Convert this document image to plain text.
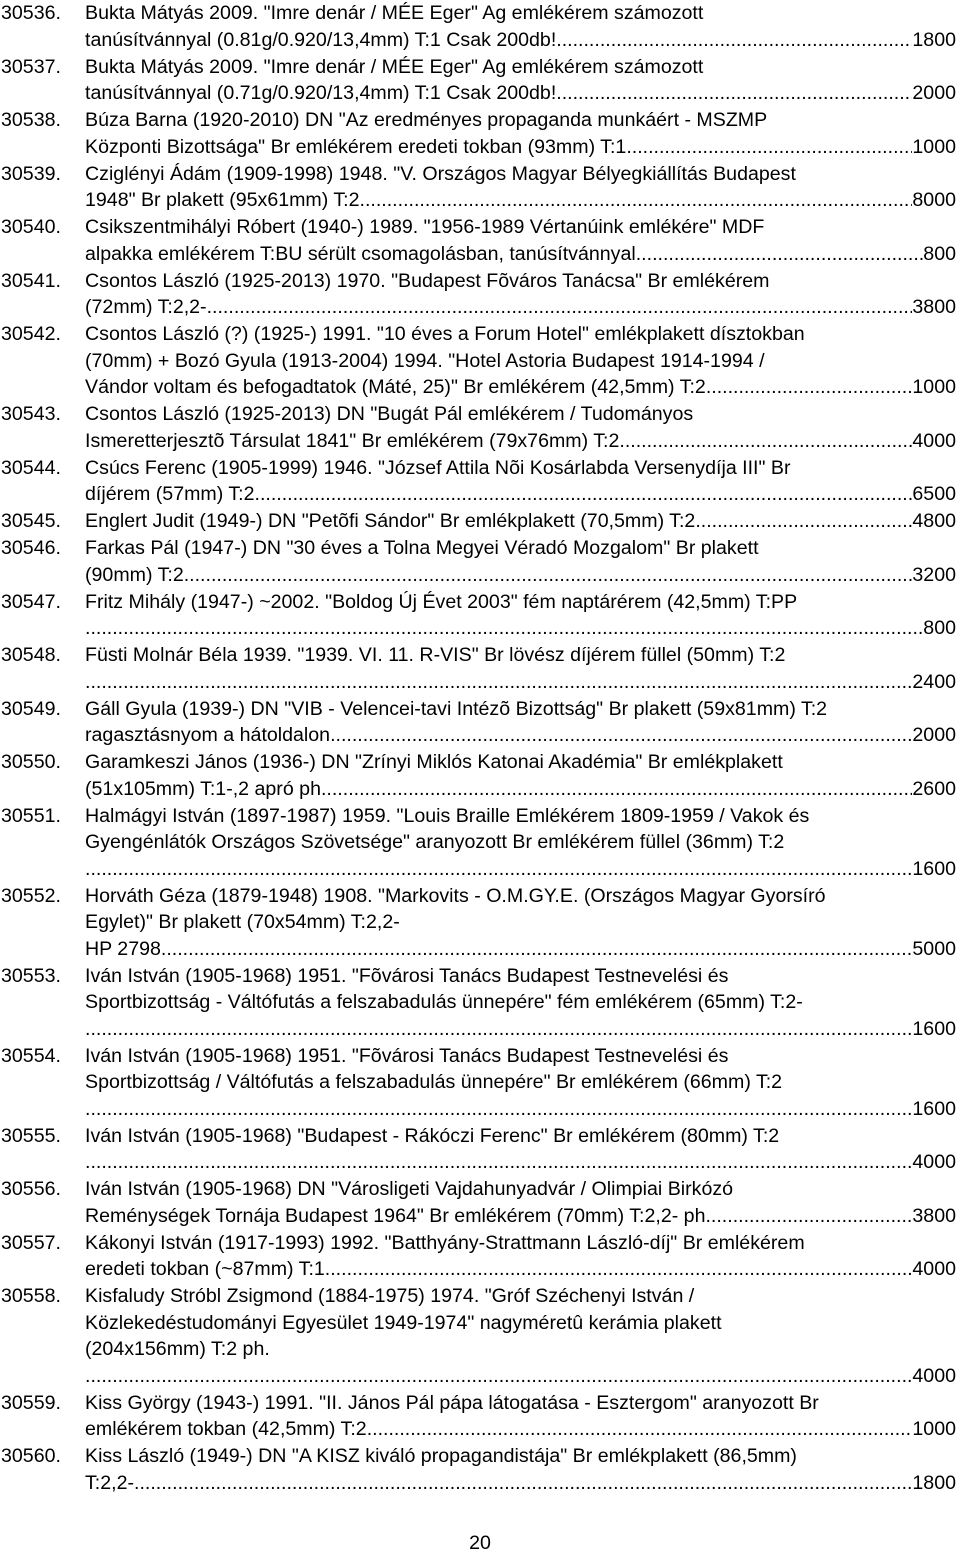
30536. Bukta Mátyás 2009. "Imre denár / MÉE Eger" Ag emlékérem számozott
tanúsítvánnyal (0.81g/0.920/13,4mm) T:1 Csak 200db! .....	1800
30537. Bukta Mátyás 2009. "Imre denár / MÉE Eger" Ag emlékérem számozott
tanúsítvánnyal (0.71g/0.920/13,4mm) T:1 Csak 200db! .....	2000
30538. Búza Barna (1920-2010) DN "Az eredményes propaganda munkáért - MSZMP
Központi Bizottsága" Br emlékérem eredeti tokban (93mm) T:1 .....	1000
30539. Cziglényi Ádám (1909-1998) 1948. "V. Országos Magyar Bélyegkiállítás Budapest
1948" Br plakett (95x61mm) T:2 .....	8000
30540. Csikszentmihályi Róbert (1940-) 1989. "1956-1989 Vértanúink emlékére" MDF
alpakka emlékérem T:BU sérült csomagolásban, tanúsítvánnyal .....	800
30541. Csontos László (1925-2013) 1970. "Budapest Fõváros Tanácsa" Br emlékérem
(72mm) T:2,2- .....	3800
30542. Csontos László (?) (1925-) 1991. "10 éves a Forum Hotel" emlékplakett dísztokban
(70mm) + Bozó Gyula (1913-2004) 1994. "Hotel Astoria Budapest 1914-1994 /
Vándor voltam és befogadtatok (Máté, 25)" Br emlékérem (42,5mm) T:2 .....	1000
30543. Csontos László (1925-2013) DN "Bugát Pál emlékérem / Tudományos
Ismeretterjesztõ Társulat 1841" Br emlékérem (79x76mm) T:2 .....	4000
30544. Csúcs Ferenc (1905-1999) 1946. "József Attila Nõi Kosárlabda Versenydíja III" Br
díjérem (57mm) T:2 .....	6500
30545. Englert Judit (1949-) DN "Petõfi Sándor" Br emlékplakett (70,5mm) T:2 .....	4800
30546. Farkas Pál (1947-) DN "30 éves a Tolna Megyei Véradó Mozgalom" Br plakett
(90mm) T:2 .....	3200
30547. Fritz Mihály (1947-) ~2002. "Boldog Új Évet 2003" fém naptárérem (42,5mm) T:PP
.....
800
30548. Füsti Molnár Béla 1939. "1939. VI. 11. R-VIS" Br lövész díjérem füllel (50mm) T:2
.....
2400
30549. Gáll Gyula (1939-) DN "VIB - Velencei-tavi Intézõ Bizottság" Br plakett (59x81mm) T:2
ragasztásnyom a hátoldalon .....	2000
30550. Garamkeszi János (1936-) DN "Zrínyi Miklós Katonai Akadémia" Br emlékplakett
(51x105mm) T:1-,2 apró ph. .....	2600
30551. Halmágyi István (1897-1987) 1959. "Louis Braille Emlékérem 1809-1959 / Vakok és
Gyengénlátók Országos Szövetsége" aranyozott Br emlékérem füllel (36mm) T:2
.....
1600
30552. Horváth Géza (1879-1948) 1908. "Markovits - O.M.GY.E. (Országos Magyar Gyorsíró
Egylet)" Br plakett (70x54mm) T:2,2-
HP 2798. .....	5000
30553. Iván István (1905-1968) 1951. "Fõvárosi Tanács Budapest Testnevelési és
Sportbizottság - Váltófutás a felszabadulás ünnepére" fém emlékérem (65mm) T:2-
.....
1600
30554. Iván István (1905-1968) 1951. "Fõvárosi Tanács Budapest Testnevelési és
Sportbizottság / Váltófutás a felszabadulás ünnepére" Br emlékérem (66mm) T:2
.....
1600
30555. Iván István (1905-1968) "Budapest - Rákóczi Ferenc" Br emlékérem (80mm) T:2
.....
4000
30556. Iván István (1905-1968) DN "Városligeti Vajdahunyadvár / Olimpiai Birkózó
Reménységek Tornája Budapest 1964" Br emlékérem (70mm) T:2,2- ph. .....	3800
30557. Kákonyi István (1917-1993) 1992. "Batthyány-Strattmann László-díj" Br emlékérem
eredeti tokban (~87mm) T:1 .....	4000
30558. Kisfaludy Stróbl Zsigmond (1884-1975) 1974. "Gróf Széchenyi István /
Közlekedéstudományi Egyesület 1949-1974" nagyméretû kerámia plakett
(204x156mm) T:2 ph.
.....
4000
30559. Kiss György (1943-) 1991. "II. János Pál pápa látogatása - Esztergom" aranyozott Br
emlékérem tokban (42,5mm) T:2 .....	1000
30560. Kiss László (1949-) DN "A KISZ kiváló propagandistája" Br emlékplakett (86,5mm)
T:2,2- .....	1800
20
